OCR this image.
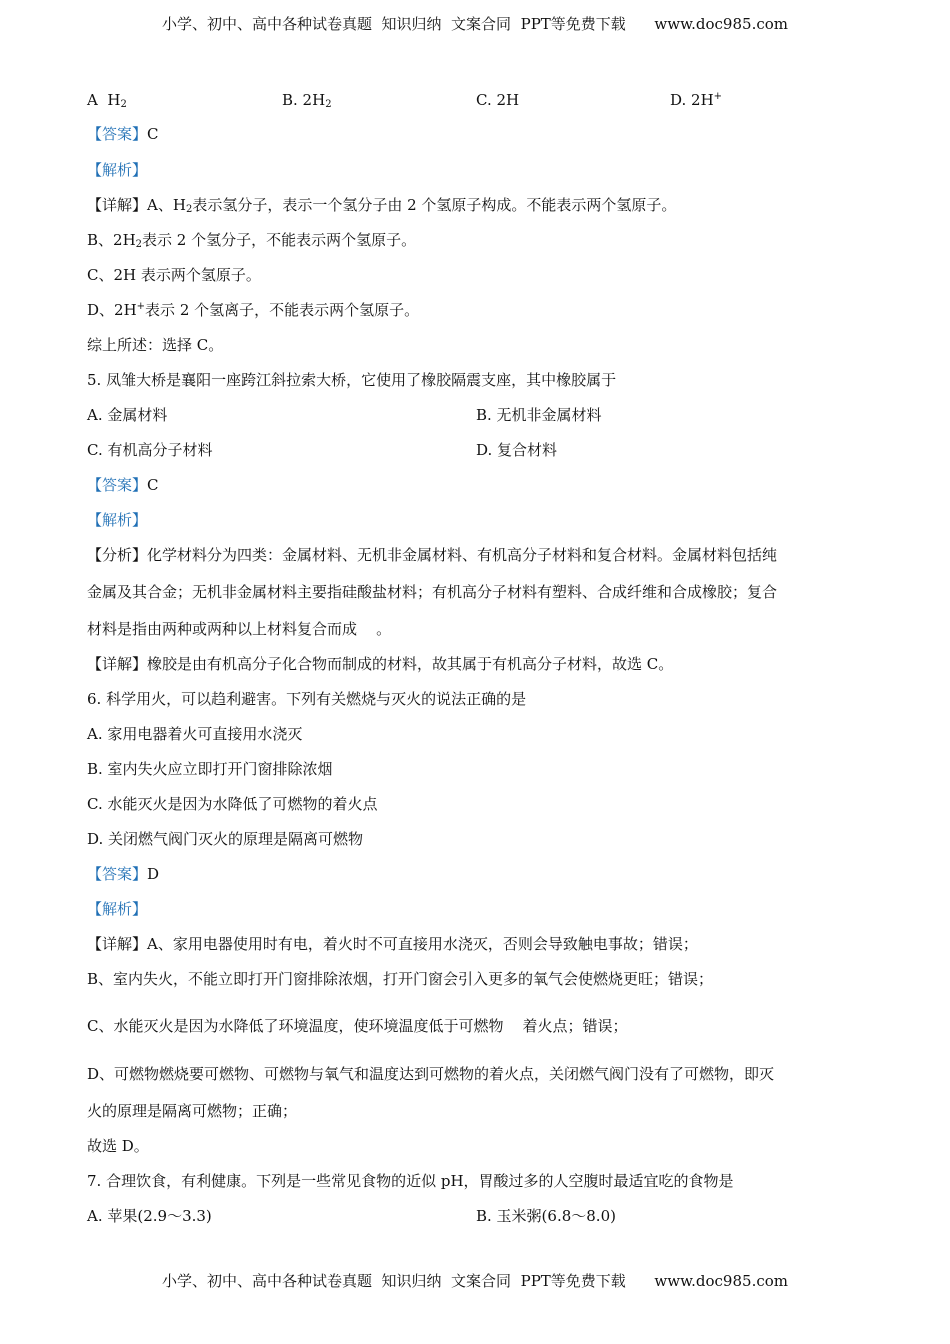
小学、初中、高中各种试卷真题  知识归纳  文案合同  PPT等免费下载      www.doc985.com
A  $H_2$	B. $2H_2$	C. 2H	D. 2H+
【答案】C
【解析】
【详解】A、$H_2$表示氢分子，表示一个氢分子由 2 个氢原子构成。不能表示两个氢原子。
B、$2H_2$表示 2 个氢分子，不能表示两个氢原子。
C、2H 表示两个氢原子。
D、2H+表示 2 个氢离子，不能表示两个氢原子。
综上所述：选择 C。
5. 凤雏大桥是襄阳一座跨江斜拉索大桥，它使用了橡胶隔震支座，其中橡胶属于
A. 金属材料	B. 无机非金属材料
C. 有机高分子材料	D. 复合材料
【答案】C
【解析】
【分析】化学材料分为四类：金属材料、无机非金属材料、有机高分子材料和复合材料。金属材料包括纯
金属及其合金；无机非金属材料主要指硅酸盐材料；有机高分子材料有塑料、合成纤维和合成橡胶；复合
材料是指由两种或两种以上材料复合而成    。
【详解】橡胶是由有机高分子化合物而制成的材料，故其属于有机高分子材料，故选 C。
6. 科学用火，可以趋利避害。下列有关燃烧与灭火的说法正确的是
A. 家用电器着火可直接用水浇灭
B. 室内失火应立即打开门窗排除浓烟
C. 水能灭火是因为水降低了可燃物的着火点
D. 关闭燃气阀门灭火的原理是隔离可燃物
【答案】D
【解析】
【详解】A、家用电器使用时有电，着火时不可直接用水浇灭，否则会导致触电事故；错误；
B、室内失火，不能立即打开门窗排除浓烟，打开门窗会引入更多的氧气会使燃烧更旺；错误；
C、水能灭火是因为水降低了环境温度，使环境温度低于可燃物    着火点；错误；
D、可燃物燃烧要可燃物、可燃物与氧气和温度达到可燃物的着火点，关闭燃气阀门没有了可燃物，即灭
火的原理是隔离可燃物；正确；
故选 D。
7. 合理饮食，有利健康。下列是一些常见食物的近似 pH，胃酸过多的人空腹时最适宜吃的食物是
A. 苹果(2.9～3.3)	B. 玉米粥(6.8～8.0)
小学、初中、高中各种试卷真题  知识归纳  文案合同  PPT等免费下载      www.doc985.com
